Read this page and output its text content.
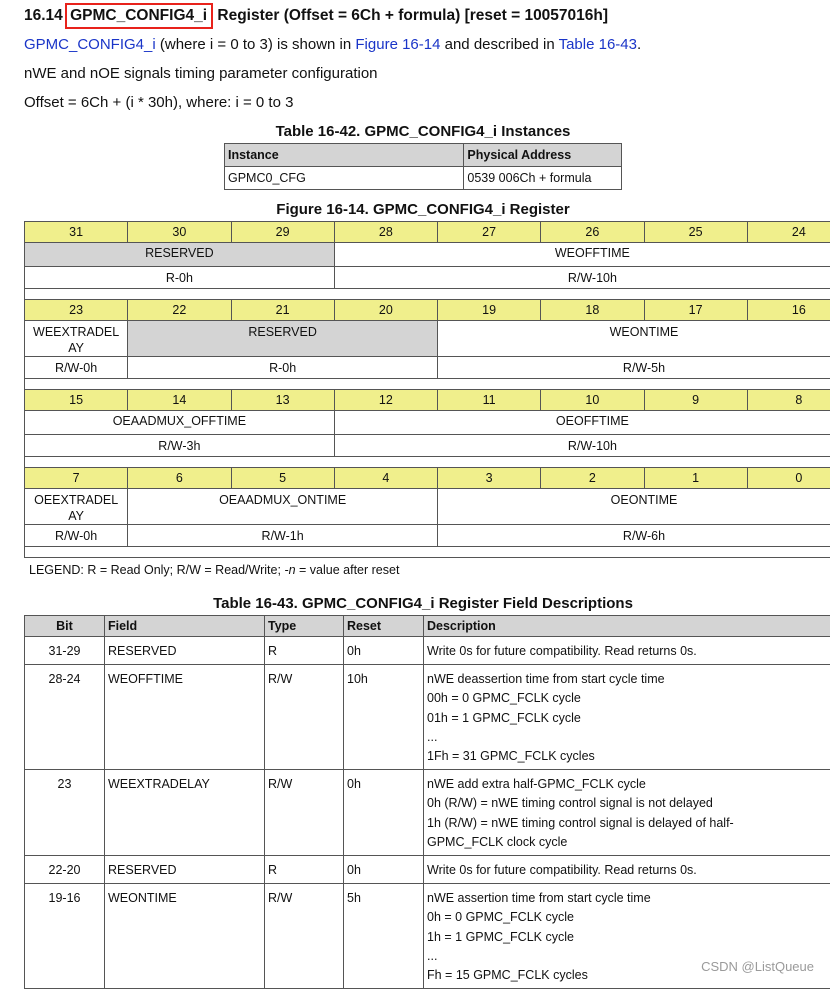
16.14 GPMC_CONFIG4_i Register (Offset = 6Ch + formula) [reset = 10057016h]
GPMC_CONFIG4_i (where i = 0 to 3) is shown in Figure 16-14 and described in Table 16-43.
nWE and nOE signals timing parameter configuration
Offset = 6Ch + (i * 30h), where: i = 0 to 3
Table 16-42. GPMC_CONFIG4_i Instances
Instance	Physical Address
GPMC0_CFG	0539 006Ch + formula
Figure 16-14. GPMC_CONFIG4_i Register
31	30	29	28	27	26	25	24
RESERVED			WEOFFTIME				
R-0h			R/W-10h				

23	22	21	20	19	18	17	16
WEEXTRADEL AY	RESERVED			WEONTIME			
R/W-0h	R-0h			R/W-5h			

15	14	13	12	11	10	9	8
OEAADMUX_OFFTIME			OEOFFTIME				
R/W-3h			R/W-10h				

7	6	5	4	3	2	1	0
OEEXTRADEL AY	OEAADMUX_ONTIME			OEONTIME			
R/W-0h	R/W-1h			R/W-6h			

LEGEND: R = Read Only; R/W = Read/Write; -n = value after reset
Table 16-43. GPMC_CONFIG4_i Register Field Descriptions
Bit	Field	Type	Reset	Description
31-29	RESERVED	R	0h	Write 0s for future compatibility. Read returns 0s.

28-24	WEOFFTIME	R/W	10h	nWE deassertion time from start cycle time
00h = 0 GPMC_FCLK cycle
01h = 1 GPMC_FCLK cycle
...
1Fh = 31 GPMC_FCLK cycles

23	WEEXTRADELAY	R/W	0h	nWE add extra half-GPMC_FCLK cycle
0h (R/W) = nWE timing control signal is not delayed
1h (R/W) = nWE timing control signal is delayed of half-
GPMC_FCLK clock cycle

22-20	RESERVED	R	0h	Write 0s for future compatibility. Read returns 0s.

19-16	WEONTIME	R/W	5h	nWE assertion time from start cycle time
0h = 0 GPMC_FCLK cycle
1h = 1 GPMC_FCLK cycle
...
Fh = 15 GPMC_FCLK cycles
CSDN @ListQueue
